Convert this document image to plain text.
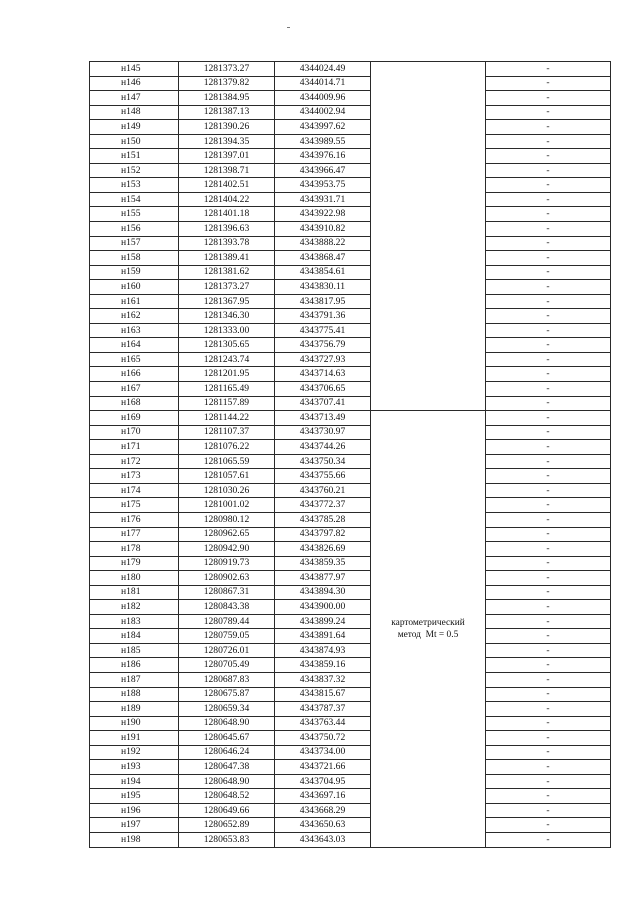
н145	1281373.27	4344024.49		-
н146	1281379.82	4344014.71		-
н147	1281384.95	4344009.96		-
н148	1281387.13	4344002.94		-
н149	1281390.26	4343997.62		-
н150	1281394.35	4343989.55		-
н151	1281397.01	4343976.16		-
н152	1281398.71	4343966.47		-
н153	1281402.51	4343953.75		-
н154	1281404.22	4343931.71		-
н155	1281401.18	4343922.98		-
н156	1281396.63	4343910.82		-
н157	1281393.78	4343888.22		-
н158	1281389.41	4343868.47		-
н159	1281381.62	4343854.61		-
н160	1281373.27	4343830.11		-
н161	1281367.95	4343817.95		-
н162	1281346.30	4343791.36		-
н163	1281333.00	4343775.41		-
н164	1281305.65	4343756.79		-
н165	1281243.74	4343727.93		-
н166	1281201.95	4343714.63		-
н167	1281165.49	4343706.65		-
н168	1281157.89	4343707.41		-
н169	1281144.22	4343713.49	картометрический
метод  Mt = 0.5	-
н170	1281107.37	4343730.97		-
н171	1281076.22	4343744.26		-
н172	1281065.59	4343750.34		-
н173	1281057.61	4343755.66		-
н174	1281030.26	4343760.21		-
н175	1281001.02	4343772.37		-
н176	1280980.12	4343785.28		-
н177	1280962.65	4343797.82		-
н178	1280942.90	4343826.69		-
н179	1280919.73	4343859.35		-
н180	1280902.63	4343877.97		-
н181	1280867.31	4343894.30		-
н182	1280843.38	4343900.00		-
н183	1280789.44	4343899.24		-
н184	1280759.05	4343891.64		-
н185	1280726.01	4343874.93		-
н186	1280705.49	4343859.16		-
н187	1280687.83	4343837.32		-
н188	1280675.87	4343815.67		-
н189	1280659.34	4343787.37		-
н190	1280648.90	4343763.44		-
н191	1280645.67	4343750.72		-
н192	1280646.24	4343734.00		-
н193	1280647.38	4343721.66		-
н194	1280648.90	4343704.95		-
н195	1280648.52	4343697.16		-
н196	1280649.66	4343668.29		-
н197	1280652.89	4343650.63		-
н198	1280653.83	4343643.03		-
